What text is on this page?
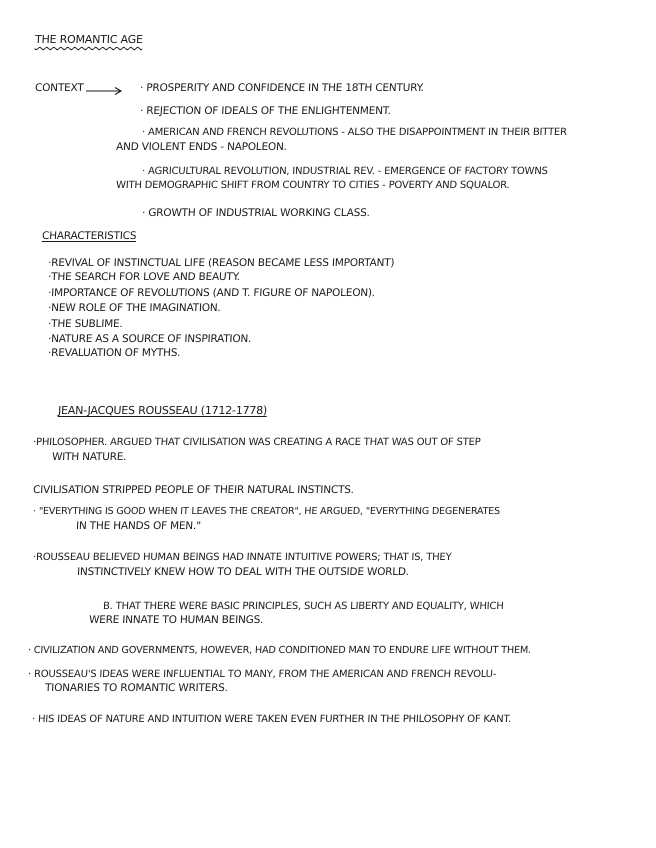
THE ROMANTIC AGE
CONTEXT	· PROSPERITY AND CONFIDENCE IN THE 18TH CENTURY.
· REJECTION OF IDEALS OF THE ENLIGHTENMENT.
· AMERICAN AND FRENCH REVOLUTIONS - ALSO THE DISAPPOINTMENT IN THEIR BITTER
AND VIOLENT ENDS - NAPOLEON.
· AGRICULTURAL REVOLUTION, INDUSTRIAL REV. - EMERGENCE OF FACTORY TOWNS
WITH DEMOGRAPHIC SHIFT FROM COUNTRY TO CITIES - POVERTY AND SQUALOR.
· GROWTH OF INDUSTRIAL WORKING CLASS.
CHARACTERISTICS
·REVIVAL OF INSTINCTUAL LIFE (REASON BECAME LESS IMPORTANT)
·THE SEARCH FOR LOVE AND BEAUTY.
·IMPORTANCE OF REVOLUTIONS (AND T. FIGURE OF NAPOLEON).
·NEW ROLE OF THE IMAGINATION.
·THE SUBLIME.
·NATURE AS A SOURCE OF INSPIRATION.
·REVALUATION OF MYTHS.
JEAN-JACQUES ROUSSEAU (1712-1778)
·PHILOSOPHER. ARGUED THAT CIVILISATION WAS CREATING A RACE THAT WAS OUT OF STEP
WITH NATURE.
CIVILISATION STRIPPED PEOPLE OF THEIR NATURAL INSTINCTS.
· "EVERYTHING IS GOOD WHEN IT LEAVES THE CREATOR", HE ARGUED, "EVERYTHING DEGENERATES
IN THE HANDS OF MEN."
·ROUSSEAU BELIEVED HUMAN BEINGS HAD INNATE INTUITIVE POWERS; THAT IS, THEY
INSTINCTIVELY KNEW HOW TO DEAL WITH THE OUTSIDE WORLD.
B. THAT THERE WERE BASIC PRINCIPLES, SUCH AS LIBERTY AND EQUALITY, WHICH
WERE INNATE TO HUMAN BEINGS.
· CIVILIZATION AND GOVERNMENTS, HOWEVER, HAD CONDITIONED MAN TO ENDURE LIFE WITHOUT THEM.
· ROUSSEAU'S IDEAS WERE INFLUENTIAL TO MANY, FROM THE AMERICAN AND FRENCH REVOLU-
TIONARIES TO ROMANTIC WRITERS.
· HIS IDEAS OF NATURE AND INTUITION WERE TAKEN EVEN FURTHER IN THE PHILOSOPHY OF KANT.
